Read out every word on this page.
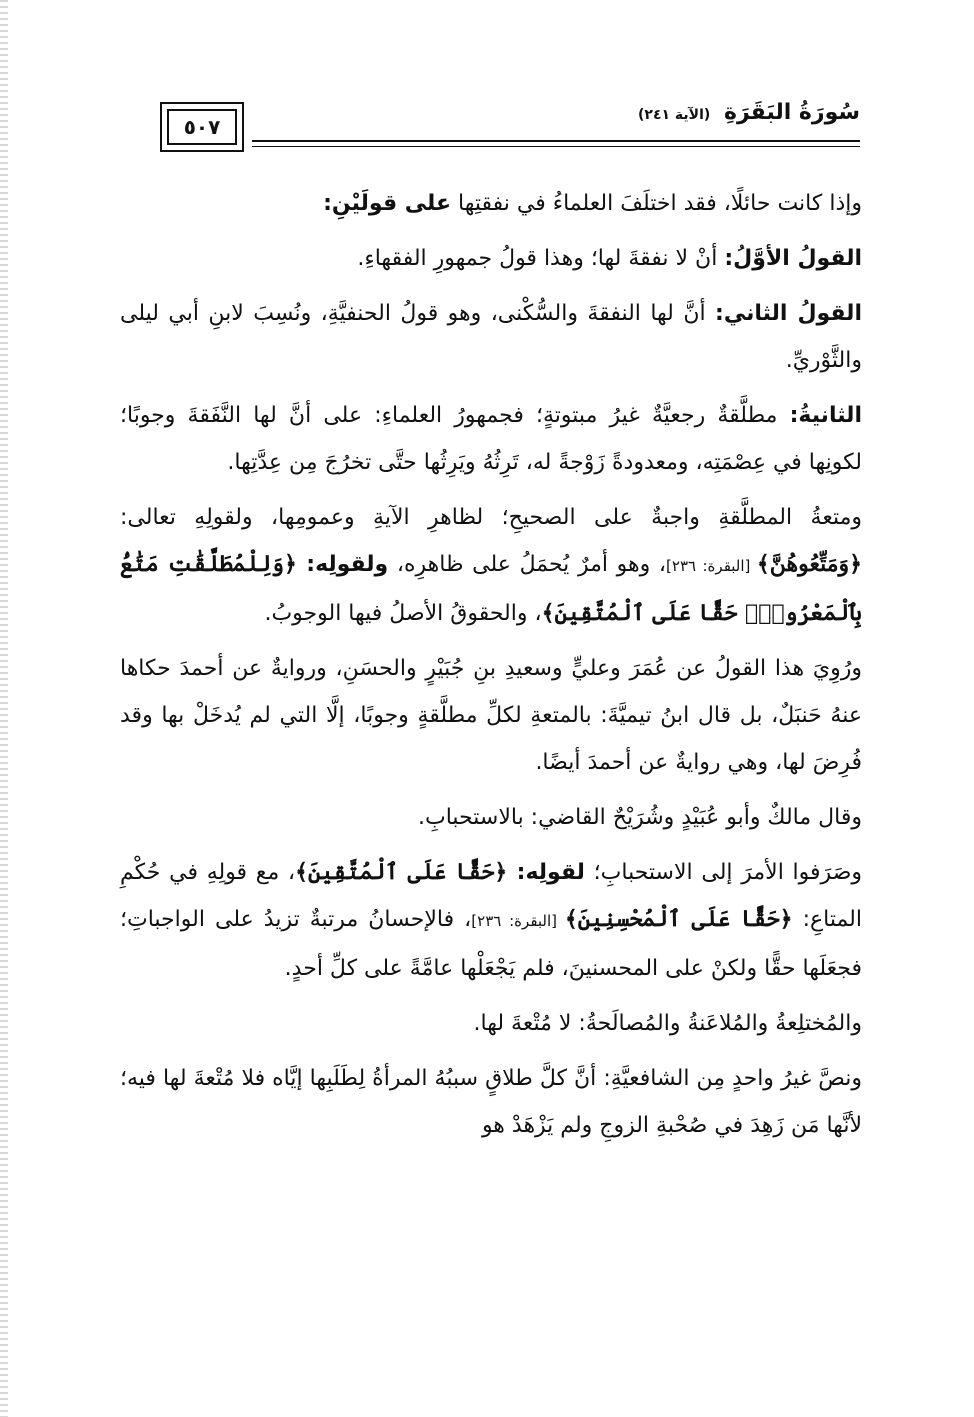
٥٠٧
سُورَةُ البَقَرَةِ (الآية ٢٤١)

وإذا كانت حائلًا، فقد اختلَفَ العلماءُ في نفقتِها على قولَيْنِ:

القولُ الأوَّلُ: أنْ لا نفقةَ لها؛ وهذا قولُ جمهورِ الفقهاءِ.

القولُ الثاني: أنَّ لها النفقةَ والسُّكْنى، وهو قولُ الحنفيَّةِ، ونُسِبَ لابنِ أبي ليلى والثَّوْريِّ.

الثانيةُ: مطلَّقةٌ رجعيَّةٌ غيرُ مبتوتةٍ؛ فجمهورُ العلماءِ: على أنَّ لها النَّفَقةَ وجوبًا؛ لكونِها في عِصْمَتِه، ومعدودةً زَوْجةً له، تَرِثُهُ ويَرِثُها حتَّى تخرُجَ مِن عِدَّتِها.

ومتعةُ المطلَّقةِ واجبةٌ على الصحيحِ؛ لظاهرِ الآيةِ وعمومِها، ولقولِهِ تعالى: ﴿وَمَتِّعُوهُنَّ﴾ [البقرة: ٢٣٦]، وهو أمرٌ يُحمَلُ على ظاهرِه، ولقولِه: ﴿وَلِلْمُطَلَّقَٰتِ مَتَٰعُۢ بِٱلْمَعْرُوفِۖ حَقًّا عَلَى ٱلْمُتَّقِينَ﴾، والحقوقُ الأصلُ فيها الوجوبُ.

ورُوِيَ هذا القولُ عن عُمَرَ وعليٍّ وسعيدِ بنِ جُبَيْرٍ والحسَنِ، وروايةٌ عن أحمدَ حكاها عنهُ حَنبَلٌ، بل قال ابنُ تيميَّةَ: بالمتعةِ لكلِّ مطلَّقةٍ وجوبًا، إلَّا التي لم يُدخَلْ بها وقد فُرِضَ لها، وهي روايةٌ عن أحمدَ أيضًا.

وقال مالكٌ وأبو عُبَيْدٍ وشُرَيْحٌ القاضي: بالاستحبابِ.

وصَرَفوا الأمرَ إلى الاستحبابِ؛ لقولِه: ﴿حَقًّا عَلَى ٱلْمُتَّقِينَ﴾، مع قولِهِ في حُكْمِ المتاعِ: ﴿حَقًّا عَلَى ٱلْمُحْسِنِينَ﴾ [البقرة: ٢٣٦]، فالإحسانُ مرتبةٌ تزيدُ على الواجباتِ؛ فجعَلَها حقًّا ولكنْ على المحسنينَ، فلم يَجْعَلْها عامَّةً على كلِّ أحدٍ.

والمُختلِعةُ والمُلاعَنةُ والمُصالَحةُ: لا مُتْعةَ لها.

ونصَّ غيرُ واحدٍ مِن الشافعيَّةِ: أنَّ كلَّ طلاقٍ سببُهُ المرأةُ لِطَلَبِها إيَّاه فلا مُتْعةَ لها فيه؛ لأنَّها مَن زَهِدَ في صُحْبةِ الزوجِ ولم يَزْهَدْ هو
